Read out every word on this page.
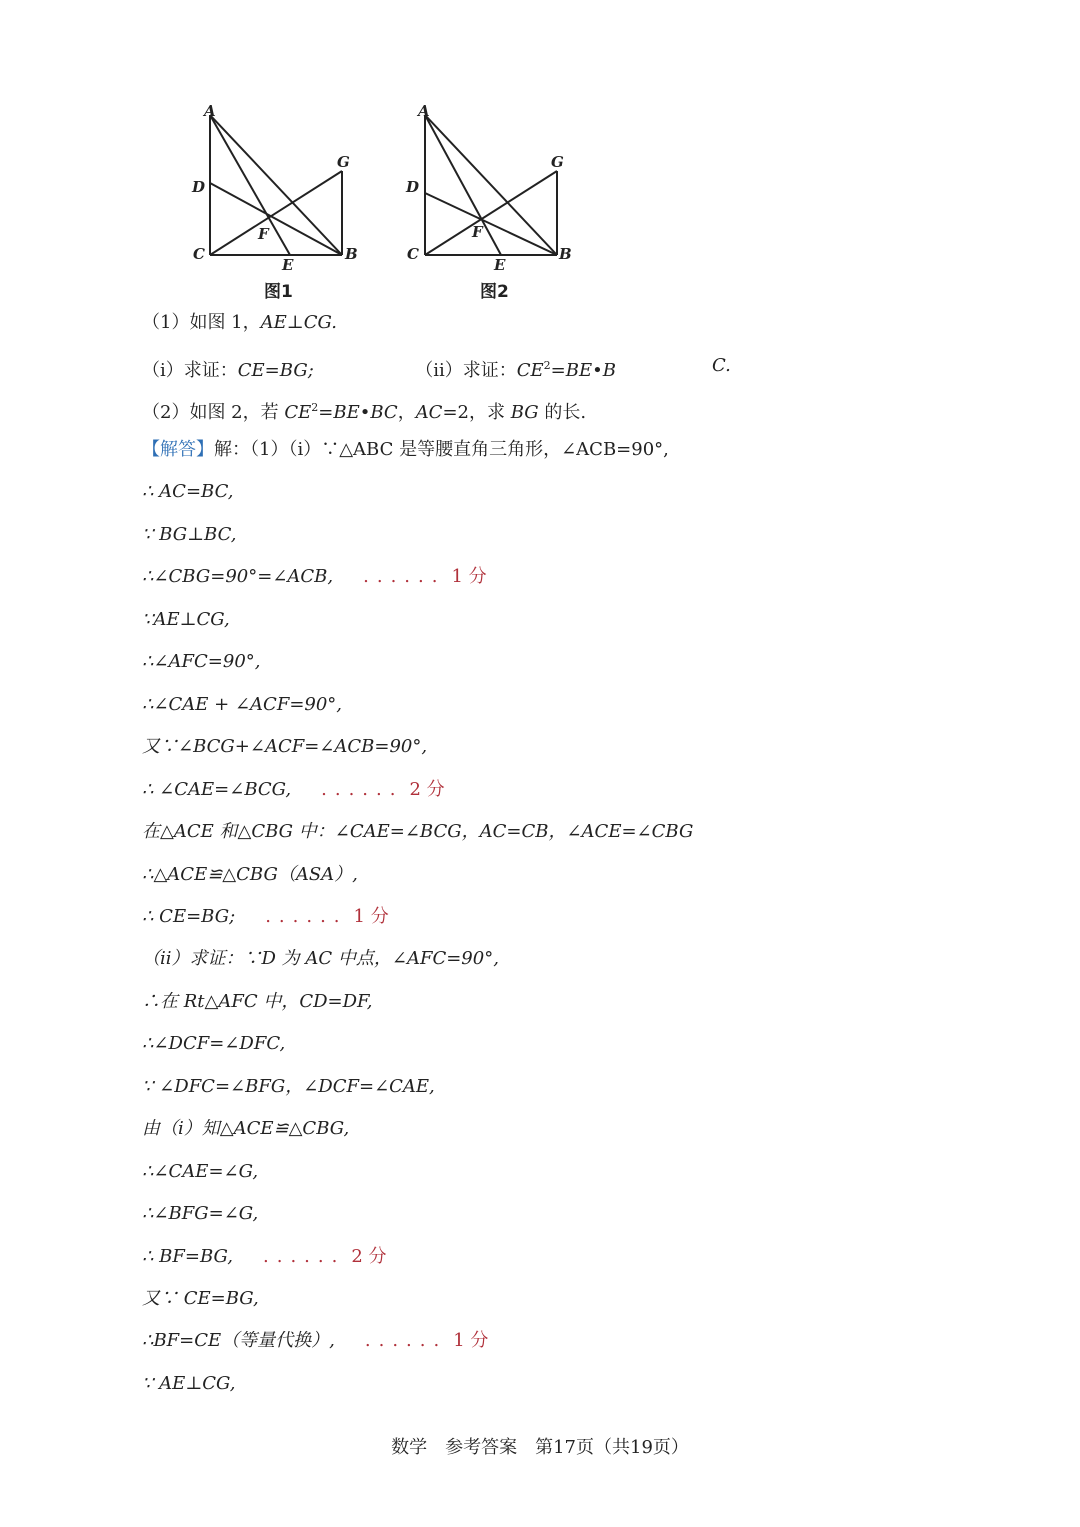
A
G
D
F
C
E
B
图1
A
G
D
F
C
E
B
图2
（1）如图 1，AE⊥CG.
（i）求证：CE=BG;	（ii）求证：$CE^2=BE•B$	C.
（2）如图 2，若 $CE^2=BE•BC$，AC=2，求 BG 的长.
【解答】解：（1）（i）∵△ABC 是等腰直角三角形，∠ACB=90°,
∴ AC=BC,
∵ BG⊥BC,
∴∠CBG=90°=∠ACB, ...... 1 分
∵AE⊥CG,
∴∠AFC=90°,
∴∠CAE + ∠ACF=90°,
又∵∠BCG+∠ACF=∠ACB=90°,
∴ ∠CAE=∠BCG, ...... 2 分
在△ACE 和△CBG 中：∠CAE=∠BCG，AC=CB，∠ACE=∠CBG
∴△ACE≌△CBG（ASA）,
∴ CE=BG; ...... 1 分
（ii）求证：∵D 为 AC 中点，∠AFC=90°,
∴在 Rt△AFC 中，CD=DF,
∴∠DCF=∠DFC,
∵ ∠DFC=∠BFG，∠DCF=∠CAE,
由（i）知△ACE≌△CBG,
∴∠CAE=∠G,
∴∠BFG=∠G,
∴ BF=BG, ...... 2 分
又∵ CE=BG,
∴BF=CE（等量代换）, ...... 1 分
∵ AE⊥CG,
数学　参考答案　第17页（共19页）
